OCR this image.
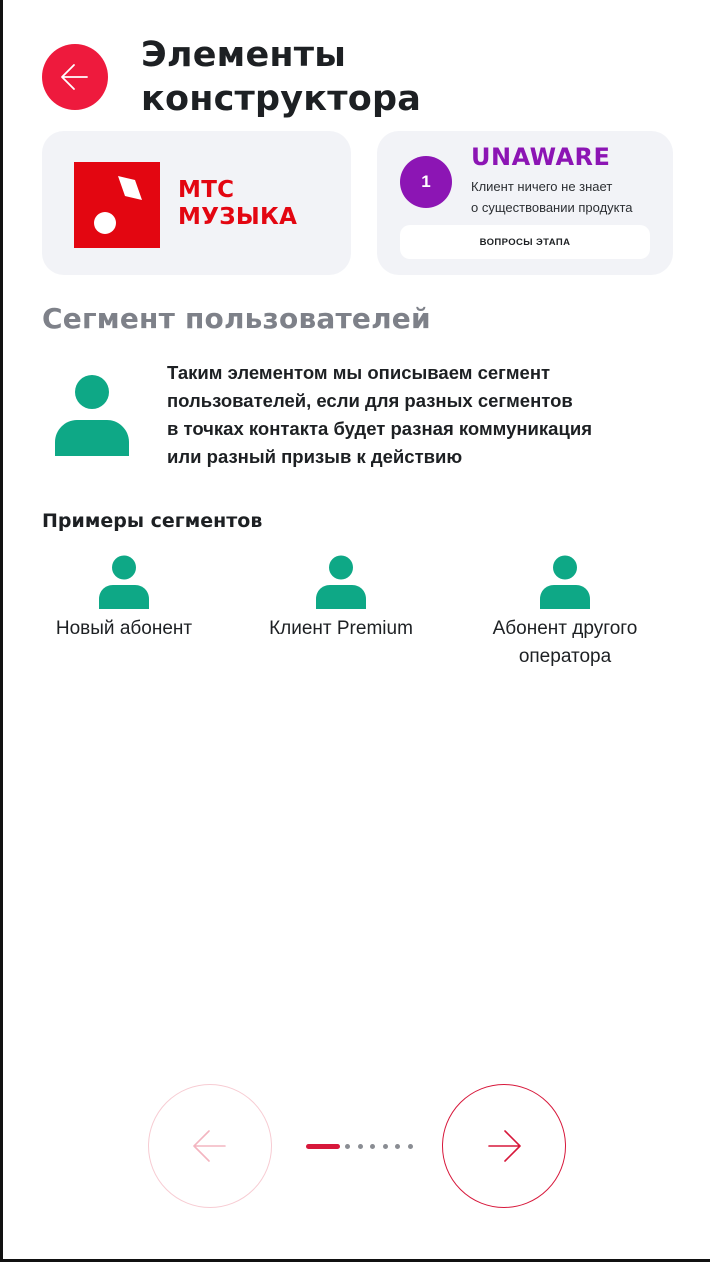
Элементы
конструктора
МТС
МУЗЫКА
1
UNAWARE
Клиент ничего не знает
о существовании продукта
ВОПРОСЫ ЭТАПА
Сегмент пользователей

Таким элементом мы описываем сегмент
пользователей, если для разных сегментов
в точках контакта будет разная коммуникация
или разный призыв к действию

Примеры сегментов
Новый абонент	Клиент Premium	Абонент другого
оператора
